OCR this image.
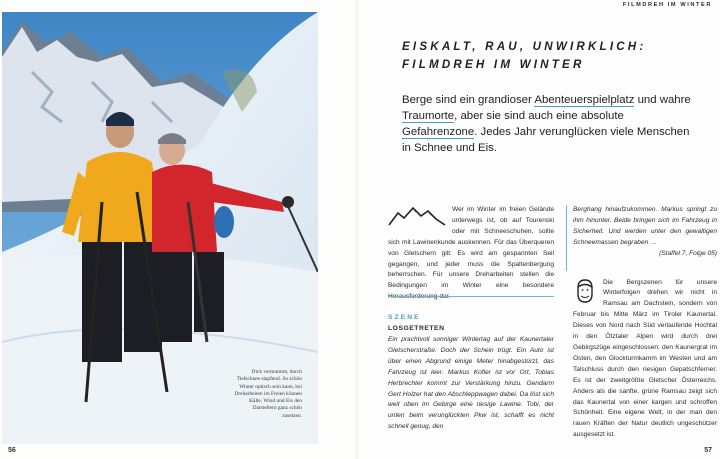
Dick vermummt, durch Tiefschnee stapfend. So schön Winter optisch sein kann, bei Dreharbeiten im Freien können Kälte, Wind und Eis den Darstellern ganz schön zusetzen.
56
FILMDREH IM WINTER
EISKALT, RAU, UNWIRKLICH:
FILMDREH IM WINTER
Berge sind ein grandioser Abenteuerspielplatz und wahre Traumorte, aber sie sind auch eine absolute Gefahrenzone. Jedes Jahr verunglücken viele Menschen in Schnee und Eis.
Wer im Winter im freien Gelände unterwegs ist, ob auf Tourenski oder mit Schneeschuhen, sollte sich mit Lawinenkunde auskennen. Für das Überqueren von Gletschern gilt: Es wird am gespannten Seil gegangen, und jeder muss die Spaltenbergung beherrschen. Für unsere Dreharbeiten stellen die Bedingungen im Winter eine besondere
SZENE
LOSGETRETEN
Ein prachtvoll sonniger Wintertag auf der Kaunertaler Gletscherstraße. Doch der Schein trügt. Ein Auto ist über einen Abgrund einige Meter hinabgestürzt, das Fahrzeug ist leer. Markus Kofler ist vor Ort, Tobias Herbrechter kommt zur Verstärkung hinzu. Gendarm Gert Holzer hat den Abschleppwagen dabei. Da löst sich weit oben im Gebirge eine riesige Lawine. Tobi, der unten beim verunglückten Pkw ist, schafft es nicht schnell genug, den
Berghang hinaufzukommen. Markus springt zu ihm hinunter. Beide bringen sich im Fahrzeug in Sicherheit. Und werden unter den gewaltigen Schneemassen begraben …
(Staffel 7, Folge 05)
Die Bergszenen für unsere Winterfolgen drehen wir nicht in Ramsau am Dachstein, sondern von Februar bis Mitte März im Tiroler Kaunertal. Dieses von Nord nach Süd verlaufende Hochtal in den Ötztaler Alpen wird durch drei Gebirgszüge eingeschlossen: den Kaunergrat im Osten, den Glockturmkamm im Westen und am Talschluss durch den riesigen Gepatschferner. Es ist der zweitgrößte Gletscher Österreichs. Anders als die sanfte, grüne Ramsau zeigt sich das Kaunertal von einer kargen und schroffen Schönheit. Eine eigene Welt, in der man den rauen Kräften der Natur deutlich ungeschützer ausgesetzt ist.
57
